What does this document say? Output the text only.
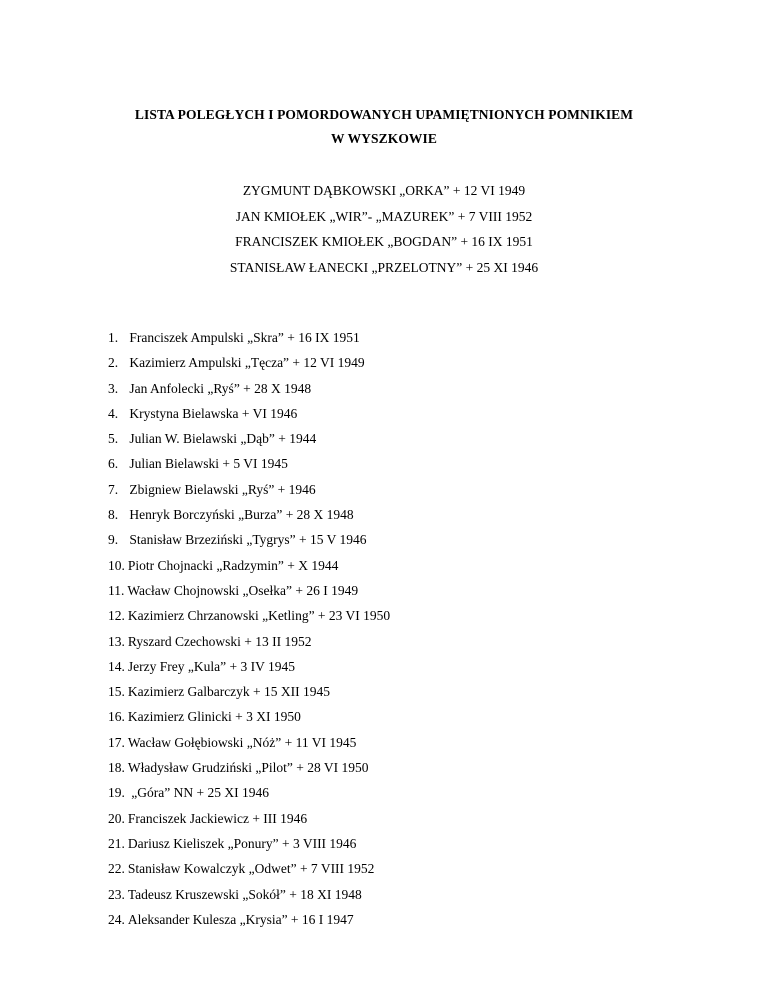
LISTA POLEGŁYCH I POMORDOWANYCH UPAMIĘTNIONYCH POMNIKIEM
W WYSZKOWIE
ZYGMUNT DĄBKOWSKI „ORKA” + 12 VI 1949
JAN KMIOŁEK „WIR”- „MAZUREK” + 7 VIII 1952
FRANCISZEK KMIOŁEK „BOGDAN” + 16 IX 1951
STANISŁAW ŁANECKI „PRZELOTNY” + 25 XI 1946
1. Franciszek Ampulski „Skra” + 16 IX 1951
2. Kazimierz Ampulski „Tęcza” + 12 VI 1949
3. Jan Anfolecki „Ryś” + 28 X 1948
4. Krystyna Bielawska + VI 1946
5. Julian W. Bielawski „Dąb” + 1944
6. Julian Bielawski + 5 VI 1945
7. Zbigniew Bielawski „Ryś” + 1946
8. Henryk Borczyński „Burza” + 28 X 1948
9. Stanisław Brzeziński „Tygrys” + 15 V 1946
10. Piotr Chojnacki „Radzymin” + X 1944
11. Wacław Chojnowski „Osełka” + 26 I 1949
12. Kazimierz Chrzanowski „Ketling” + 23 VI 1950
13. Ryszard Czechowski + 13 II 1952
14. Jerzy Frey „Kula” + 3 IV 1945
15. Kazimierz Galbarczyk + 15 XII 1945
16. Kazimierz Glinicki + 3 XI 1950
17. Wacław Gołębiowski „Nóż” + 11 VI 1945
18. Władysław Grudziński „Pilot” + 28 VI 1950
19. „Góra” NN + 25 XI 1946
20. Franciszek Jackiewicz + III 1946
21. Dariusz Kieliszek „Ponury” + 3 VIII 1946
22. Stanisław Kowalczyk „Odwet” + 7 VIII 1952
23. Tadeusz Kruszewski „Sokół” + 18 XI 1948
24. Aleksander Kulesza „Krysia” + 16 I 1947
